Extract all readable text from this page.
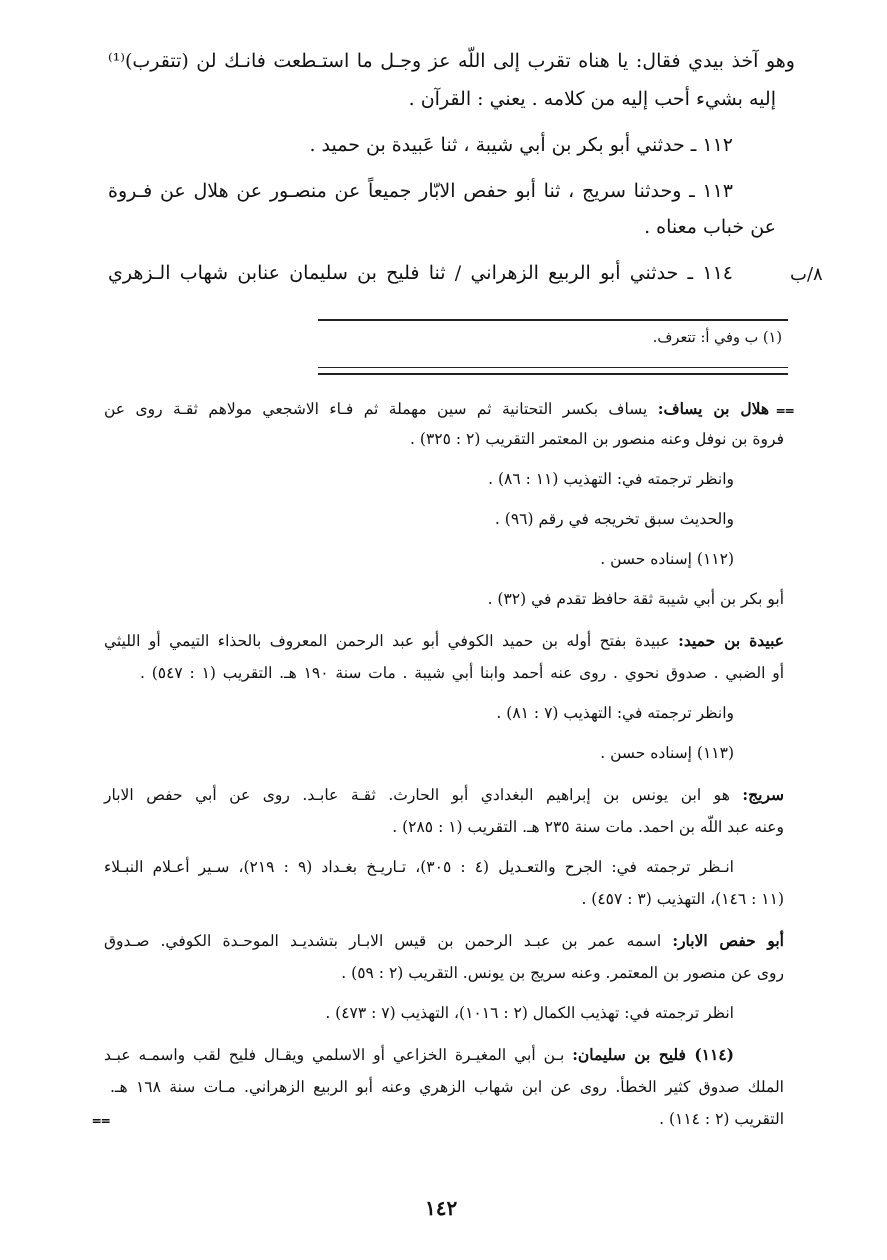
وهو آخذ بيدي فقال: يا هناه تقرب إلى اللّه عز وجـل ما استـطعت فانـك لن (تتقرب)⁽¹⁾
إليه بشيء أحب إليه من كلامه . يعني : القرآن .
١١٢ ـ حدثني أبو بكر بن أبي شيبة ، ثنا عَبيدة بن حميد .
١١٣ ـ وحدثنا سريج ، ثنا أبو حفص الابّار جميعاً عن منصـور عن هلال عن فـروة
عن خباب معناه .
١١٤ ـ حدثني أبو الربيع الزهراني / ثنا فليح بن سليمان عنابن شهاب الـزهري	٨/ب
(١) ب وفي أ: تتعرف.
⩵
هلال بن يساف: يساف بكسر التحتانية ثم سين مهملة ثم فـاء الاشجعي مولاهم ثقـة روى عن
فروة بن نوفل وعنه منصور بن المعتمر التقريب (٢ : ٣٢٥) .
وانظر ترجمته في: التهذيب (١١ : ٨٦) .
والحديث سبق تخريجه في رقم (٩٦) .
(١١٢) إسناده حسن .
أبو بكر بن أبي شيبة ثقة حافظ تقدم في (٣٢) .
عبيدة بن حميد: عبيدة بفتح أوله بن حميد الكوفي أبو عبد الرحمن المعروف بالحذاء التيمي أو الليثي
أو الضبي . صدوق نحوي . روى عنه أحمد وابنا أبي شيبة . مات سنة ١٩٠ هـ. التقريب (١ : ٥٤٧) .
وانظر ترجمته في: التهذيب (٧ : ٨١) .
(١١٣) إسناده حسن .
سريج: هو ابن يونس بن إبراهيم البغدادي أبو الحارث. ثقـة عابـد. روى عن أبي حفص الابار
وعنه عبد اللّه بن احمد. مات سنة ٢٣٥ هـ. التقريب (١ : ٢٨٥) .
انـظر ترجمته في: الجرح والتعـديل (٤ : ٣٠٥)، تـاريـخ بغـداد (٩ : ٢١٩)، سـير أعـلام النبـلاء
(١١ : ١٤٦)، التهذيب (٣ : ٤٥٧) .
أبو حفص الابار: اسمه عمر بن عبـد الرحمن بن قيس الابـار بتشديـد الموحـدة الكوفي. صـدوق
روى عن منصور بن المعتمر. وعنه سريج بن يونس. التقريب (٢ : ٥٩) .
انظر ترجمته في: تهذيب الكمال (٢ : ١٠١٦)، التهذيب (٧ : ٤٧٣) .
(١١٤) فليح بن سليمان: بـن أبي المغيـرة الخزاعي أو الاسلمي ويقـال فليح لقب واسمـه عبـد
الملك صدوق كثير الخطأ. روى عن ابن شهاب الزهري وعنه أبو الربيع الزهراني. مـات سنة ١٦٨ هـ.
التقريب (٢ : ١١٤) .
⩵
١٤٢
